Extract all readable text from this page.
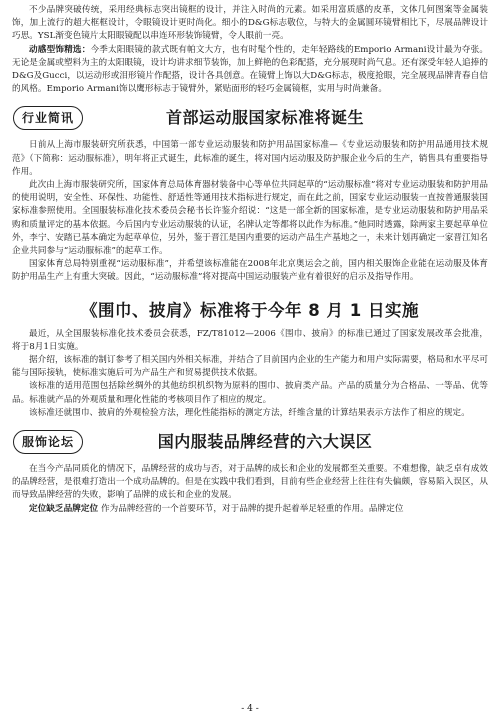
不少品牌突破传统，采用经典标志突出镜框的设计，并注入时尚的元素。如采用富质感的皮革，文体几何图案等金属装饰，加上流行的超大框框设计，令眼镜设计更时尚化。细小的D&G标志敬位，与特大的金属圆环镜臂相比下，尽展品牌设计巧思。YSL渐变色镜片太阳眼镜配以串连环形装饰镜臂，令人眼前一亮。

动感型饰精选：今季太阳眼镜的款式既有帕文大方，也有时髦个性的，走年轻路线的Emporio Armani设计最为夺张。无论是金属或塑料为主的太阳眼镜，设计均讲求细节装饰，加上鲜艳的色彩配搭，充分展现时尚气息。还有深受年轻人追捧的D&G及Gucci，以运动形或泪形镜片作配搭，设计各具创意。在镜臂上饰以大D&G标志，极度抢眼，完全展现品牌青春自信的风格。Emporio Armani饰以鹰形标志于镜臂外，紧贴面形的轻巧金属镜框，实用与时尚兼备。

行业简讯	首部运动服国家标准将诞生

日前从上海市服装研究所获悉，中国第一部专业运动服装和防护用品国家标准—《专业运动服装和防护用品通用技术规范》（下简称：运动服标准），明年将正式诞生，此标准的诞生，将对国内运动服及防护服企业今后的生产，销售具有重要指导作用。

此次由上海市服装研究所，国家体育总局体育器材装备中心等单位共同起草的“运动服标准”将对专业运动服装和防护用品的使用说明，安全性、环保性、功能性、舒适性等通用技术指标进行规定，而在此之前，国家专业运动服装一直按普通服装国家标准参照使用。全国服装标准化技术委员会秘书长许鉴介绍说：“这是一部全新的国家标准，是专业运动服装和防护用品采购和质量评定的基本依据。今后国内专业运动服装的认证，名牌认定等都将以此作为标准。”他同时透露，除两家主要起草单位外，李宁、安踏已基本确定为起草单位，另外，鉴于晋江是国内重要的运动产品生产基地之一，未来计划再确定一家晋江知名企业共同参与“运动服标准”的起草工作。

国家体育总局特别重视“运动服标准”，并希望该标准能在2008年北京奥运会之前，国内相关服饰企业能在运动服及体育防护用品生产上有重大突破。因此，“运动服标准”将对提高中国运动服装产业有着很好的启示及指导作用。

《围巾、披肩》标准将于今年 8 月 1 日实施

最近，从全国服装标准化技术委员会获悉，FZ/T81012—2006《围巾、披肩》的标准已通过了国家发展改革会批准，将于8月1日实施。

据介绍，该标准的制订参考了相关国内外相关标准，并结合了目前国内企业的生产能力和用户实际需要，格局和水平尽可能与国际接轨，使标准实施后可为产品生产和贸易提供技术依据。

该标准的适用范围包括除丝绸外的其他纺织机织物为原料的围巾、披肩类产品。产品的质量分为合格品、一等品、优等品。标准就产品的外观质量和理化性能的考核项目作了相应的规定。

该标准还就围巾、披肩的外观检验方法，理化性能指标的测定方法，纤维含量的计算结果表示方法作了相应的规定。

服饰论坛	国内服装品牌经营的六大误区

在当今产品同质化的情况下，品牌经营的成功与否，对于品牌的成长和企业的发展都至关重要。不难想像，缺乏卓有成效的品牌经营，是很难打造出一个成功品牌的。但是在实践中我们看到，目前有些企业经营上往往有失偏颇，容易陷入误区，从而导致品牌经营的失败，影响了品牌的成长和企业的发展。

定位缺乏品牌定位 作为品牌经营的一个首要环节，对于品牌的提升起着举足轻重的作用。品牌定位

- 4 -
